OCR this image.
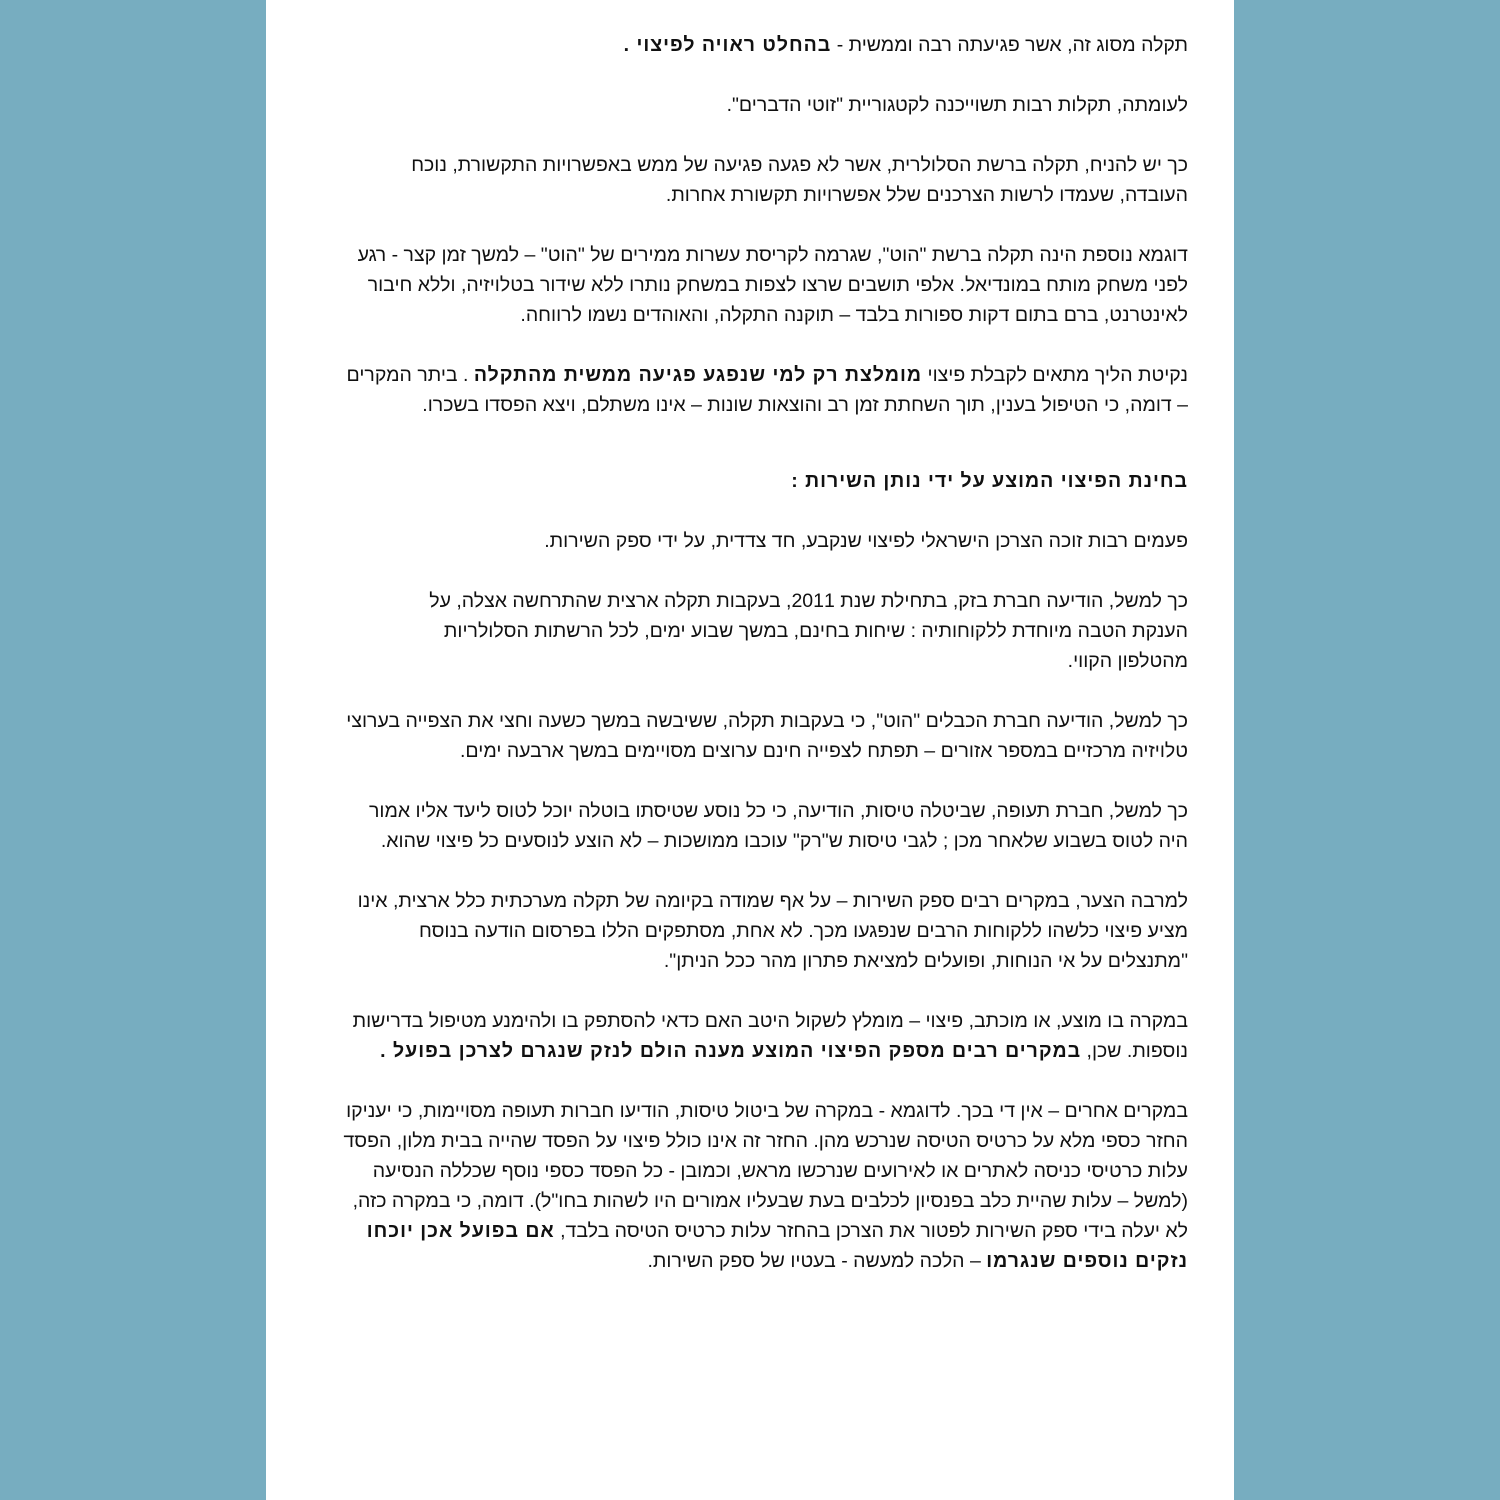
תקלה מסוג זה, אשר פגיעתה רבה וממשית - בהחלט ראויה לפיצוי .

לעומתה, תקלות רבות תשוייכנה לקטגוריית "זוטי הדברים".

כך יש להניח, תקלה ברשת הסלולרית, אשר לא פגעה פגיעה של ממש באפשרויות התקשורת, נוכח העובדה, שעמדו לרשות הצרכנים שלל אפשרויות תקשורת אחרות.

דוגמא נוספת הינה תקלה ברשת "הוט", שגרמה לקריסת עשרות ממירים של "הוט" – למשך זמן קצר - רגע לפני משחק מותח במונדיאל. אלפי תושבים שרצו לצפות במשחק נותרו ללא שידור בטלויזיה, וללא חיבור לאינטרנט, ברם בתום דקות ספורות בלבד – תוקנה התקלה, והאוהדים נשמו לרווחה.

נקיטת הליך מתאים לקבלת פיצוי מומלצת רק למי שנפגע פגיעה ממשית מהתקלה . ביתר המקרים – דומה, כי הטיפול בענין, תוך השחתת זמן רב והוצאות שונות – אינו משתלם, ויצא הפסדו בשכרו.

בחינת הפיצוי המוצע על ידי נותן השירות :

פעמים רבות זוכה הצרכן הישראלי לפיצוי שנקבע, חד צדדית, על ידי ספק השירות.

כך למשל, הודיעה חברת בזק, בתחילת שנת 2011, בעקבות תקלה ארצית שהתרחשה אצלה, על

הענקת הטבה מיוחדת ללקוחותיה : שיחות בחינם, במשך שבוע ימים, לכל הרשתות הסלולריות

מהטלפון הקווי.

כך למשל, הודיעה חברת הכבלים "הוט", כי בעקבות תקלה, ששיבשה במשך כשעה וחצי את הצפייה בערוצי טלויזיה מרכזיים במספר אזורים – תפתח לצפייה חינם ערוצים מסויימים במשך ארבעה ימים.

כך למשל, חברת תעופה, שביטלה טיסות, הודיעה, כי כל נוסע שטיסתו בוטלה יוכל לטוס ליעד אליו אמור היה לטוס בשבוע שלאחר מכן ; לגבי טיסות ש"רק" עוכבו ממושכות – לא הוצע לנוסעים כל פיצוי שהוא.

למרבה הצער, במקרים רבים ספק השירות – על אף שמודה בקיומה של תקלה מערכתית כלל ארצית, אינו מציע פיצוי כלשהו ללקוחות הרבים שנפגעו מכך. לא אחת, מסתפקים הללו בפרסום הודעה בנוסח "מתנצלים על אי הנוחות, ופועלים למציאת פתרון מהר ככל הניתן".

במקרה בו מוצע, או מוכתב, פיצוי – מומלץ לשקול היטב האם כדאי להסתפק בו ולהימנע מטיפול בדרישות נוספות. שכן, במקרים רבים מספק הפיצוי המוצע מענה הולם לנזק שנגרם לצרכן בפועל .

במקרים אחרים – אין די בכך. לדוגמא - במקרה של ביטול טיסות, הודיעו חברות תעופה מסויימות, כי יעניקו החזר כספי מלא על כרטיס הטיסה שנרכש מהן. החזר זה אינו כולל פיצוי על הפסד שהייה בבית מלון, הפסד עלות כרטיסי כניסה לאתרים או לאירועים שנרכשו מראש, וכמובן - כל הפסד כספי נוסף שכללה הנסיעה (למשל – עלות שהיית כלב בפנסיון לכלבים בעת שבעליו אמורים היו לשהות בחו"ל). דומה, כי במקרה כזה, לא יעלה בידי ספק השירות לפטור את הצרכן בהחזר עלות כרטיס הטיסה בלבד, אם בפועל אכן יוכחו נזקים נוספים שנגרמו – הלכה למעשה - בעטיו של ספק השירות.
